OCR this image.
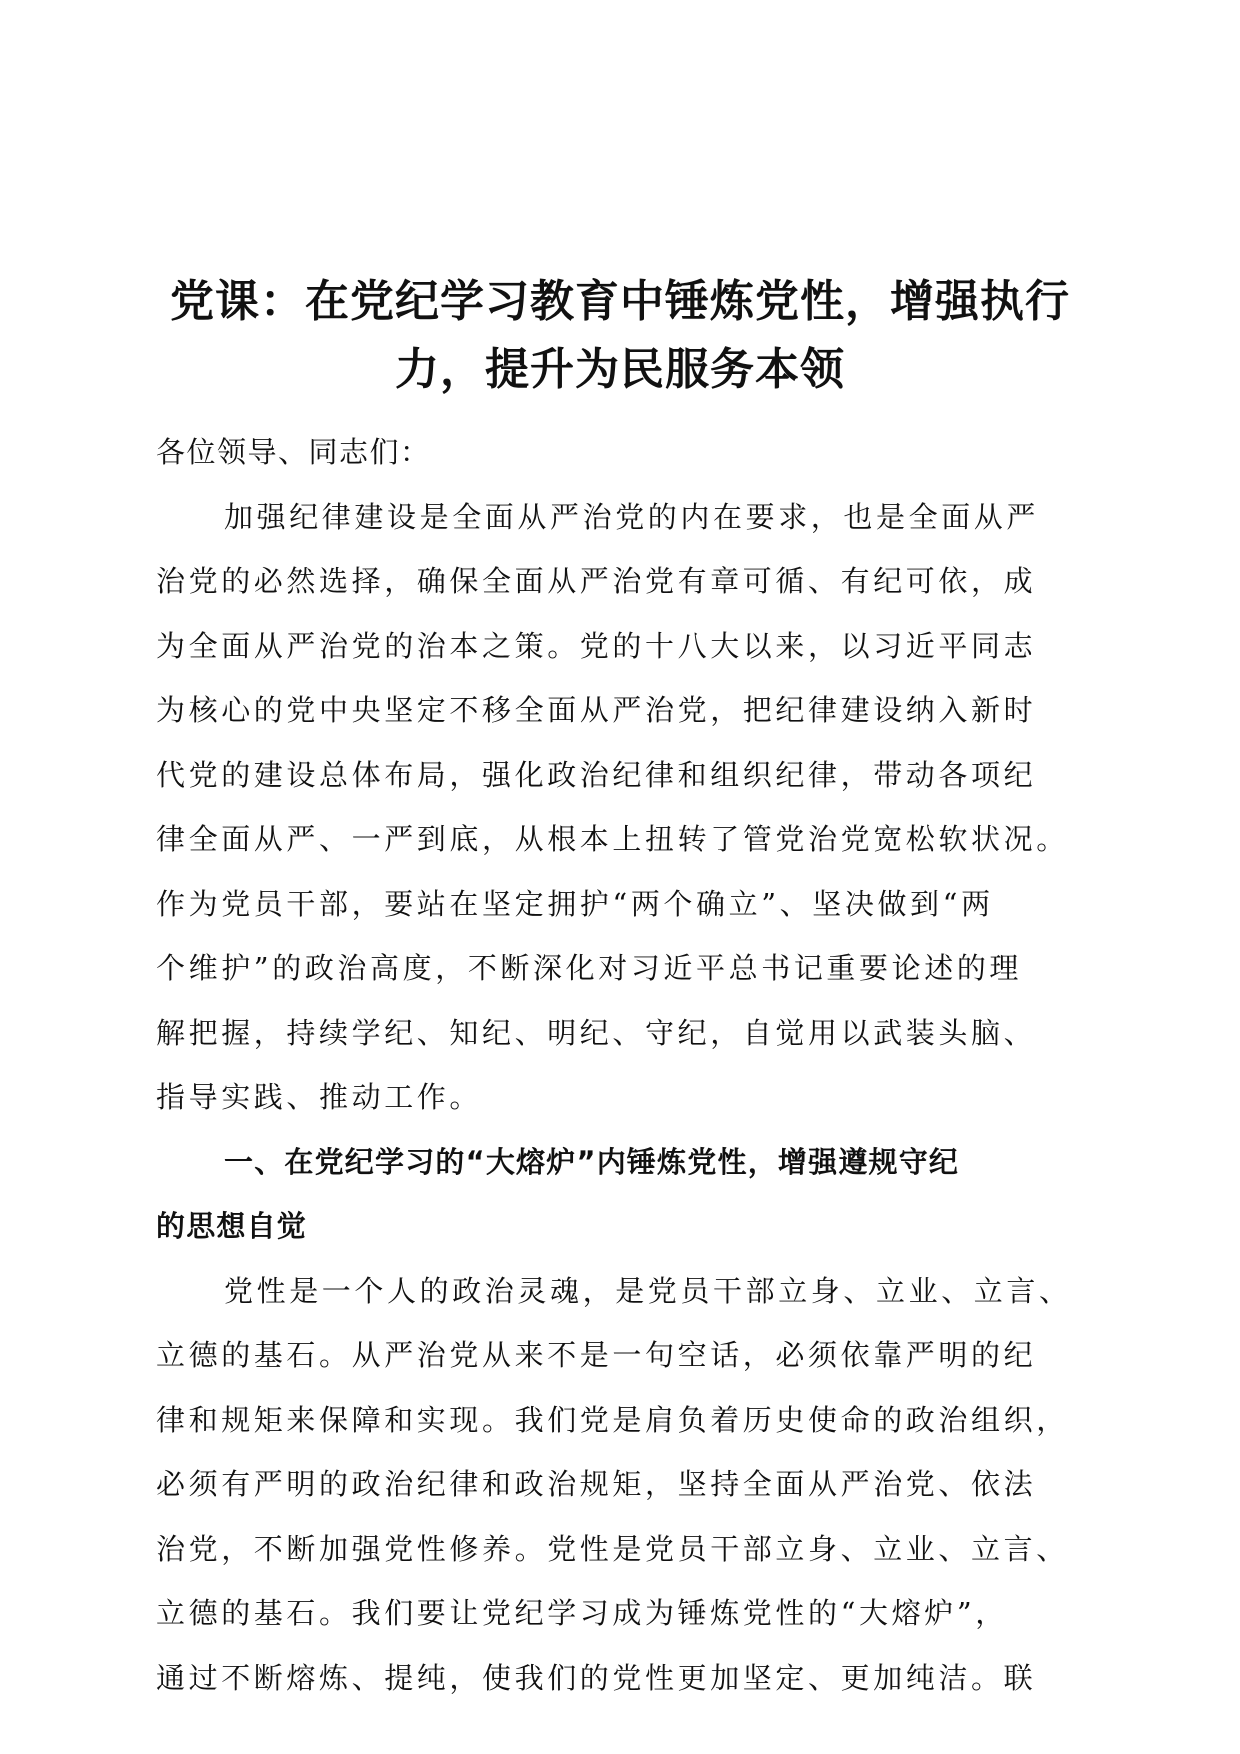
党课：在党纪学习教育中锤炼党性，增强执行
力，提升为民服务本领
各位领导、同志们：
加强纪律建设是全面从严治党的内在要求，也是全面从严
治党的必然选择，确保全面从严治党有章可循、有纪可依，成
为全面从严治党的治本之策。党的十八大以来，以习近平同志
为核心的党中央坚定不移全面从严治党，把纪律建设纳入新时
代党的建设总体布局，强化政治纪律和组织纪律，带动各项纪
律全面从严、一严到底，从根本上扭转了管党治党宽松软状况。
作为党员干部，要站在坚定拥护“两个确立”、坚决做到“两
个维护”的政治高度，不断深化对习近平总书记重要论述的理
解把握，持续学纪、知纪、明纪、守纪，自觉用以武装头脑、
指导实践、推动工作。
一、在党纪学习的“大熔炉”内锤炼党性，增强遵规守纪
的思想自觉
党性是一个人的政治灵魂，是党员干部立身、立业、立言、
立德的基石。从严治党从来不是一句空话，必须依靠严明的纪
律和规矩来保障和实现。我们党是肩负着历史使命的政治组织，
必须有严明的政治纪律和政治规矩，坚持全面从严治党、依法
治党，不断加强党性修养。党性是党员干部立身、立业、立言、
立德的基石。我们要让党纪学习成为锤炼党性的“大熔炉”，
通过不断熔炼、提纯，使我们的党性更加坚定、更加纯洁。联
